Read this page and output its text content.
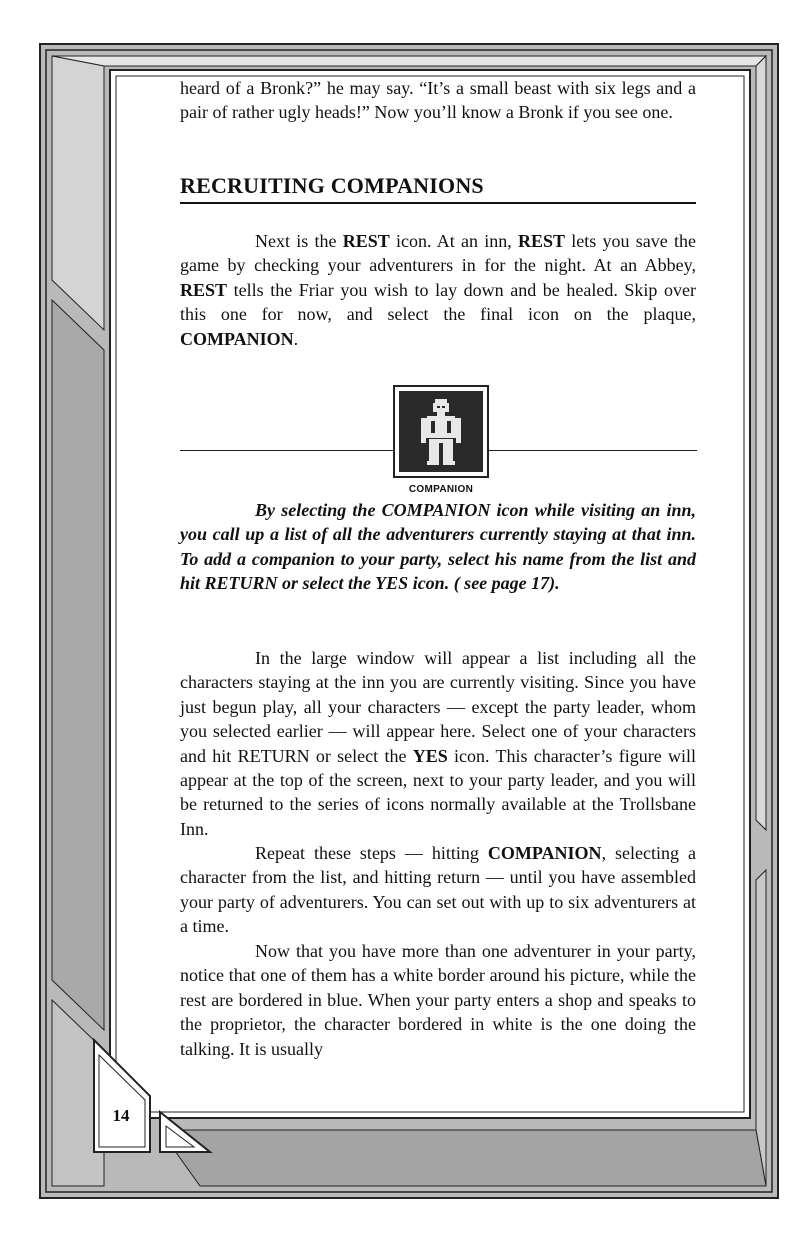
heard of a Bronk?” he may say. “It’s a small beast with six legs and a pair of rather ugly heads!” Now you’ll know a Bronk if you see one.

RECRUITING COMPANIONS

Next is the REST icon. At an inn, REST lets you save the game by checking your adventurers in for the night. At an Abbey, REST tells the Friar you wish to lay down and be healed. Skip over this one for now, and select the final icon on the plaque, COMPANION.

COMPANION

By selecting the COMPANION icon while visiting an inn, you call up a list of all the adventurers currently staying at that inn. To add a companion to your party, select his name from the list and hit RETURN or select the YES icon. ( see page 17).

In the large window will appear a list including all the characters staying at the inn you are currently visiting. Since you have just begun play, all your characters — except the party leader, whom you selected earlier — will appear here. Select one of your characters and hit RETURN or select the YES icon. This character’s figure will appear at the top of the screen, next to your party leader, and you will be returned to the series of icons normally available at the Trollsbane Inn.

Repeat these steps — hitting COMPANION, selecting a character from the list, and hitting return — until you have assembled your party of adventurers. You can set out with up to six adventurers at a time.

Now that you have more than one adventurer in your party, notice that one of them has a white border around his picture, while the rest are bordered in blue. When your party enters a shop and speaks to the proprietor, the character bordered in white is the one doing the talking. It is usually

14
